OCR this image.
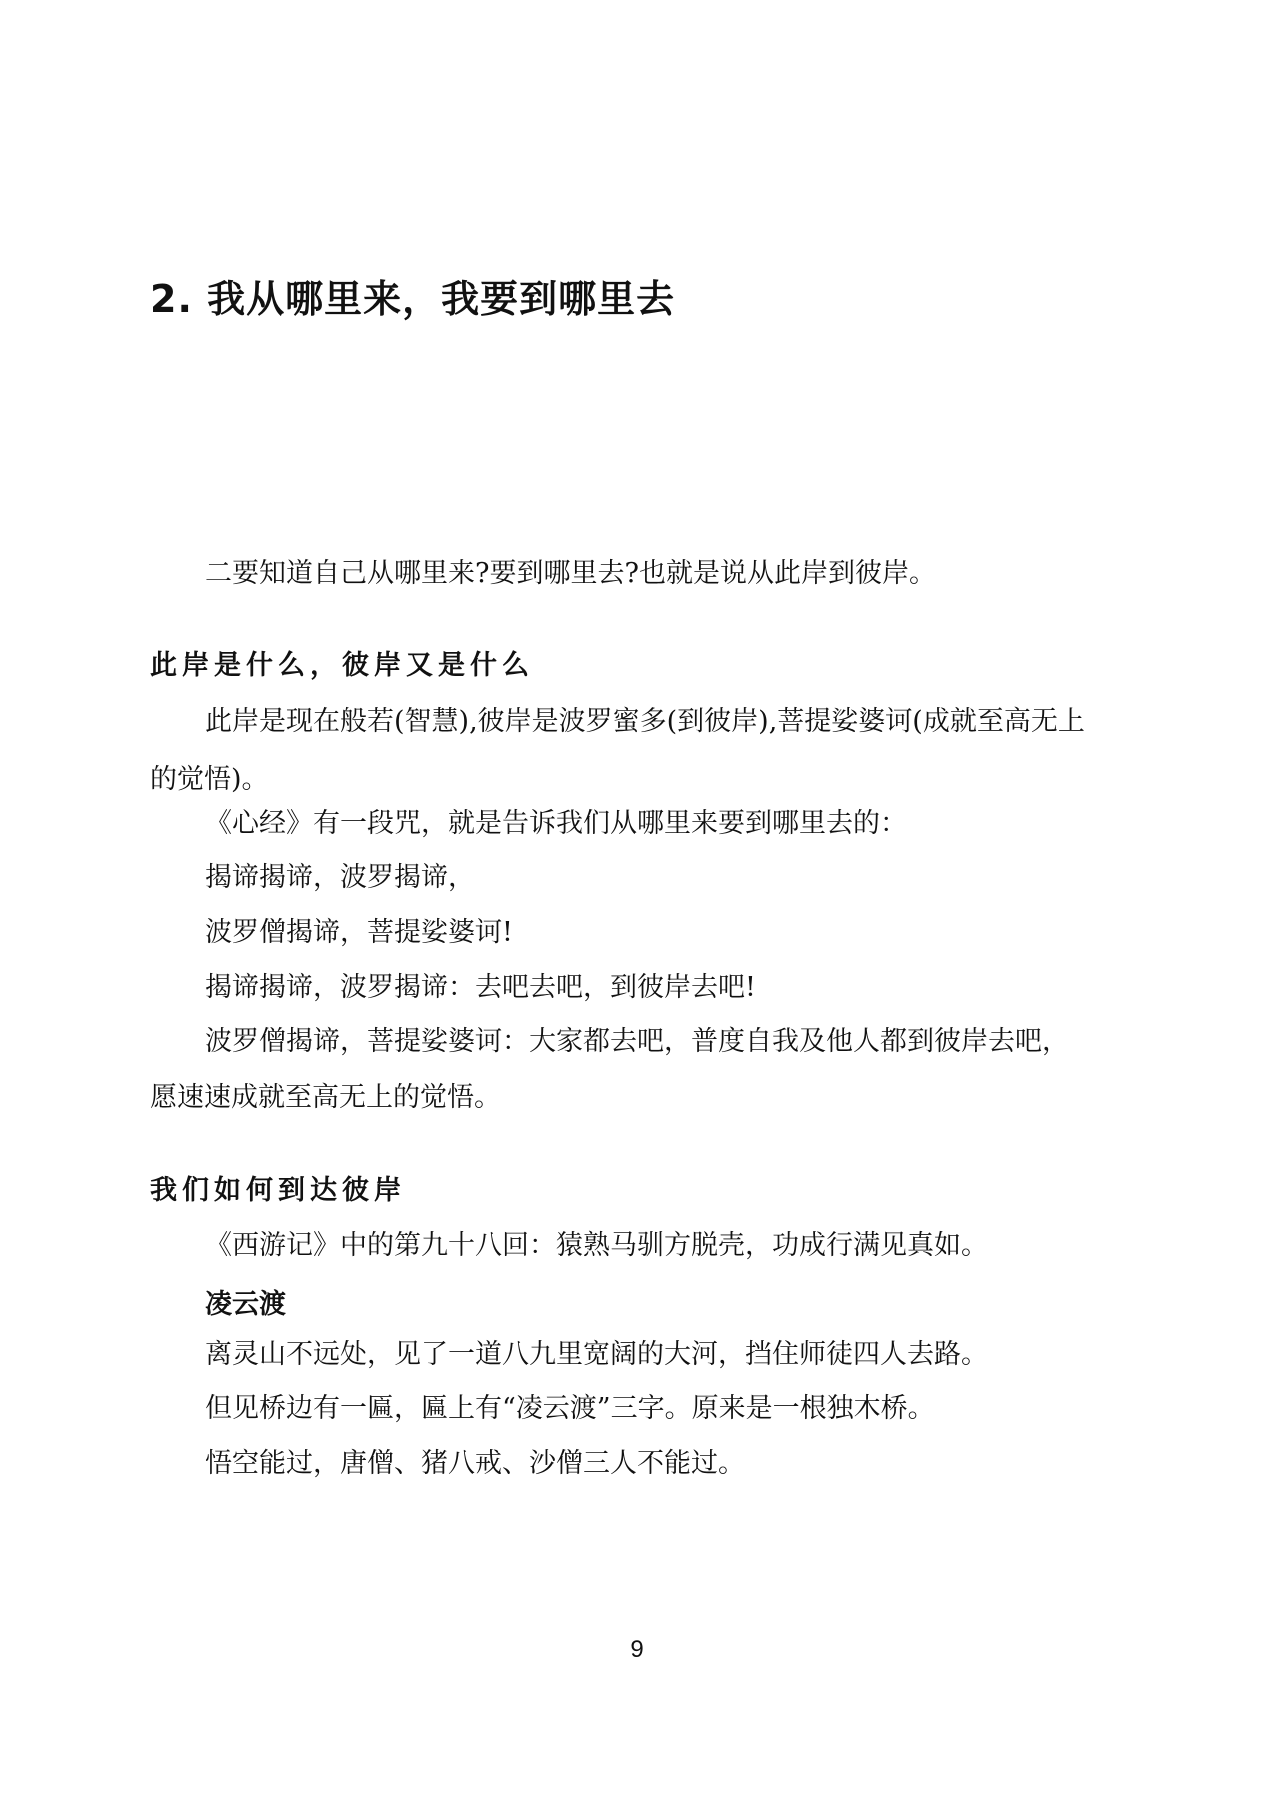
2. 我从哪里来，我要到哪里去

二要知道自己从哪里来?要到哪里去?也就是说从此岸到彼岸。

此岸是什么，彼岸又是什么

此岸是现在般若(智慧),彼岸是波罗蜜多(到彼岸),菩提娑婆诃(成就至高无上的觉悟)。

《心经》有一段咒，就是告诉我们从哪里来要到哪里去的：

揭谛揭谛，波罗揭谛，

波罗僧揭谛，菩提娑婆诃!

揭谛揭谛，波罗揭谛：去吧去吧，到彼岸去吧!

波罗僧揭谛，菩提娑婆诃：大家都去吧，普度自我及他人都到彼岸去吧，

愿速速成就至高无上的觉悟。

我们如何到达彼岸

《西游记》中的第九十八回：猿熟马驯方脱壳，功成行满见真如。

凌云渡

离灵山不远处，见了一道八九里宽阔的大河，挡住师徒四人去路。

但见桥边有一匾，匾上有“凌云渡”三字。原来是一根独木桥。

悟空能过，唐僧、猪八戒、沙僧三人不能过。

9
